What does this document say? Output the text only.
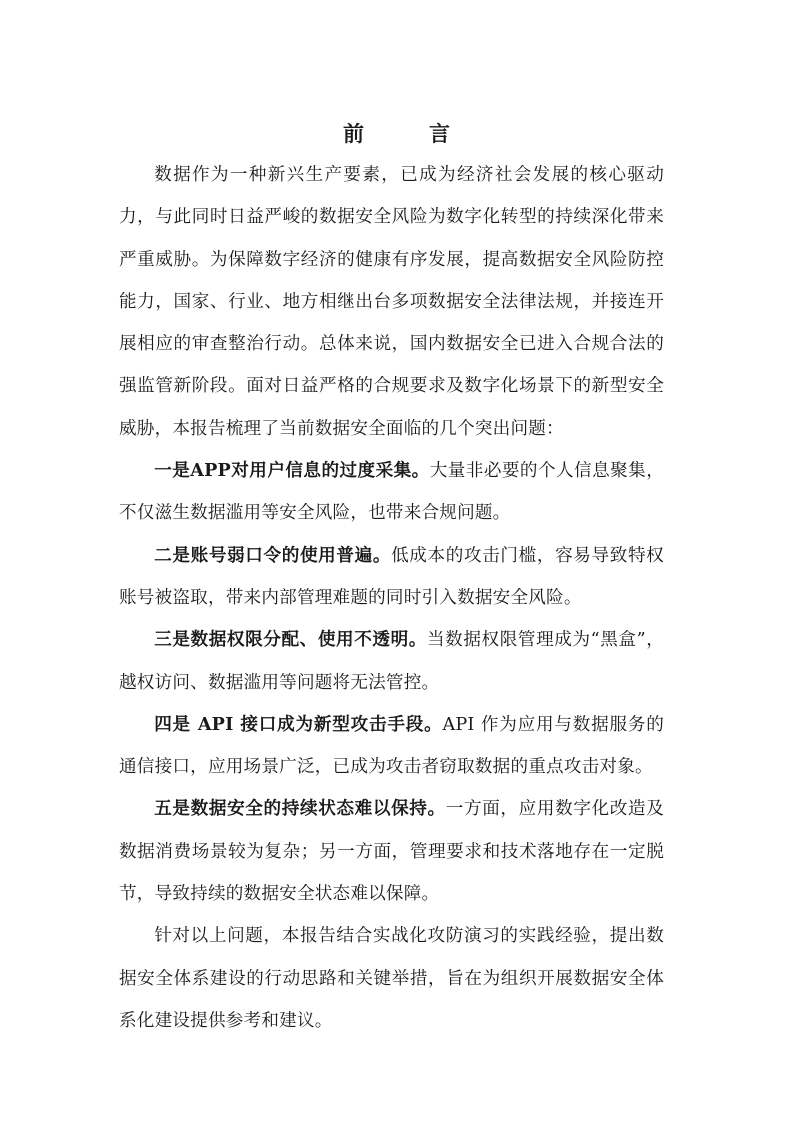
前　言

数据作为一种新兴生产要素，已成为经济社会发展的核心驱动力，与此同时日益严峻的数据安全风险为数字化转型的持续深化带来严重威胁。为保障数字经济的健康有序发展，提高数据安全风险防控能力，国家、行业、地方相继出台多项数据安全法律法规，并接连开展相应的审查整治行动。总体来说，国内数据安全已进入合规合法的强监管新阶段。面对日益严格的合规要求及数字化场景下的新型安全威胁，本报告梳理了当前数据安全面临的几个突出问题：

一是APP对用户信息的过度采集。大量非必要的个人信息聚集，不仅滋生数据滥用等安全风险，也带来合规问题。

二是账号弱口令的使用普遍。低成本的攻击门槛，容易导致特权账号被盗取，带来内部管理难题的同时引入数据安全风险。

三是数据权限分配、使用不透明。当数据权限管理成为“黑盒”，越权访问、数据滥用等问题将无法管控。

四是 API 接口成为新型攻击手段。API 作为应用与数据服务的通信接口，应用场景广泛，已成为攻击者窃取数据的重点攻击对象。

五是数据安全的持续状态难以保持。一方面，应用数字化改造及数据消费场景较为复杂；另一方面，管理要求和技术落地存在一定脱节，导致持续的数据安全状态难以保障。

针对以上问题，本报告结合实战化攻防演习的实践经验，提出数据安全体系建设的行动思路和关键举措，旨在为组织开展数据安全体系化建设提供参考和建议。
